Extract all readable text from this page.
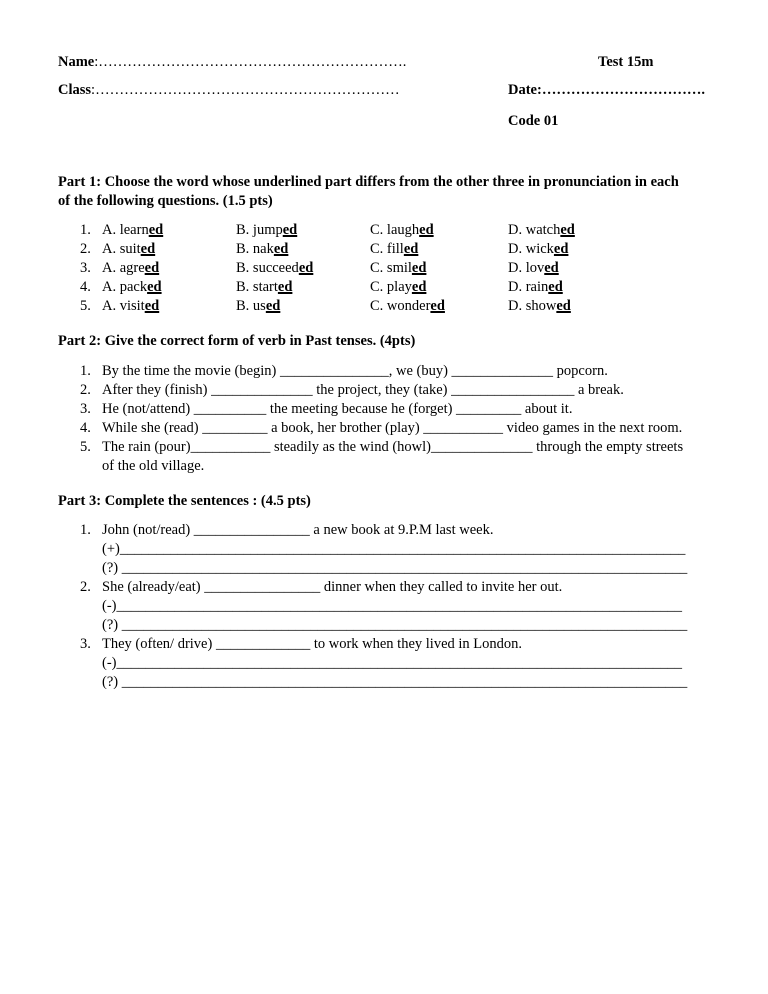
Name:……………………………………………………….	Test 15m
Class:………………………………………………………	Date:…………………………….
Code 01
Part 1: Choose the word whose underlined part differs from the other three in pronunciation in each
of the following questions. (1.5 pts)
1. A. learned	B. jumped	C. laughed	D. watched
2. A. suited	B. naked	C. filled	D. wicked
3. A. agreed	B. succeeded	C. smiled	D. loved
4. A. packed	B. started	C. played	D. rained
5. A. visited	B. used	C. wondered	D. showed
Part 2: Give the correct form of verb in Past tenses. (4pts)
1. By the time the movie (begin) _______________, we (buy) ______________ popcorn.
2. After they (finish) ______________ the project, they (take) _________________ a break.
3. He (not/attend) __________ the meeting because he (forget) _________ about it.
4. While she (read) _________ a book, her brother (play) ___________ video games in the next room.
5. The rain (pour)___________ steadily as the wind (howl)______________ through the empty streets
of the old village.
Part 3: Complete the sentences : (4.5 pts)
1. John (not/read) ________________ a new book at 9.P.M last week.
(+)______________________________________________________________________________
(?) ______________________________________________________________________________
2. She (already/eat) ________________ dinner when they called to invite her out.
(-)______________________________________________________________________________
(?) ______________________________________________________________________________
3. They (often/ drive) _____________ to work when they lived in London.
(-)______________________________________________________________________________
(?) ______________________________________________________________________________
